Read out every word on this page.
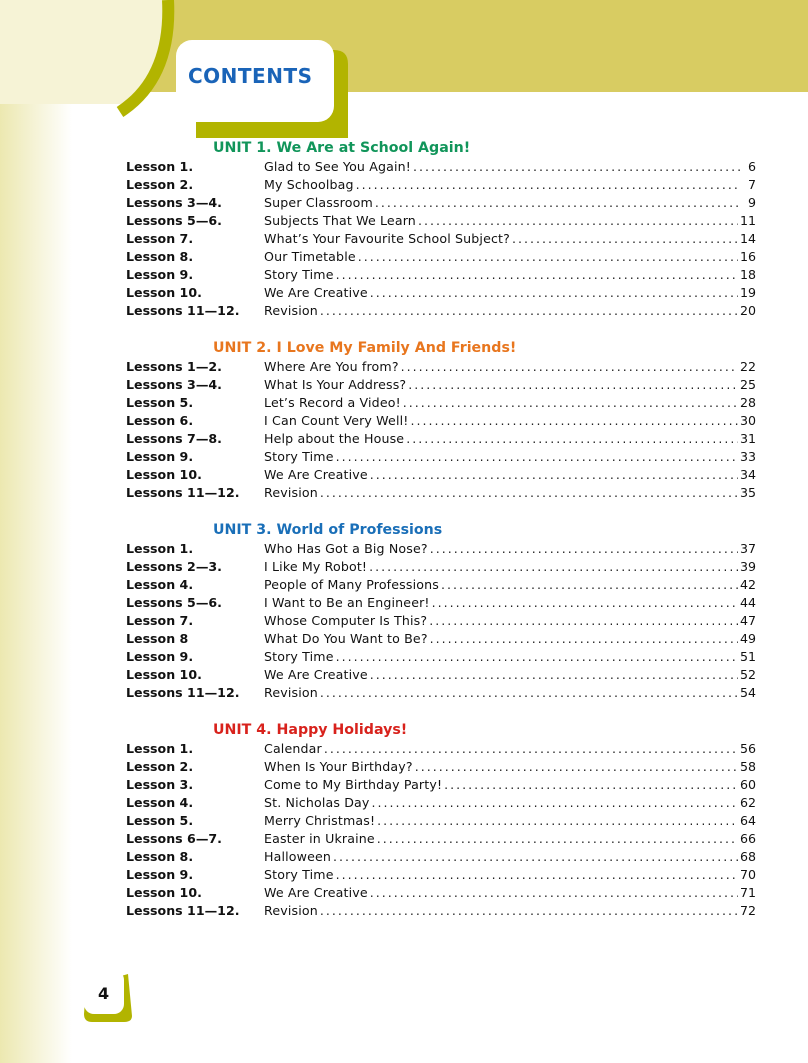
CONTENTS
UNIT 1. We Are at School Again!
Lesson 1.	Glad to See You Again! .....	6
Lesson 2.	My Schoolbag .....	7
Lessons 3—4.	Super Classroom .....	9
Lessons 5—6.	Subjects That We Learn .....	11
Lesson 7.	What’s Your Favourite School Subject? .....	14
Lesson 8.	Our Timetable .....	16
Lesson 9.	Story Time .....	18
Lesson 10.	We Are Creative .....	19
Lessons 11—12.	Revision .....	20
UNIT 2. I Love My Family And Friends!
Lessons 1—2.	Where Are You from? .....	22
Lessons 3—4.	What Is Your Address? .....	25
Lesson 5.	Let’s Record a Video! .....	28
Lesson 6.	I Can Count Very Well! .....	30
Lessons 7—8.	Help about the House .....	31
Lesson 9.	Story Time .....	33
Lesson 10.	We Are Creative .....	34
Lessons 11—12.	Revision .....	35
UNIT 3. World of Professions
Lesson 1.	Who Has Got a Big Nose? .....	37
Lessons 2—3.	I Like My Robot! .....	39
Lesson 4.	People of Many Professions .....	42
Lessons 5—6.	I Want to Be an Engineer! .....	44
Lesson 7.	Whose Computer Is This? .....	47
Lesson 8	What Do You Want to Be? .....	49
Lesson 9.	Story Time .....	51
Lesson 10.	We Are Creative .....	52
Lessons 11—12.	Revision .....	54
UNIT 4. Happy Holidays!
Lesson 1.	Calendar .....	56
Lesson 2.	When Is Your Birthday? .....	58
Lesson 3.	Come to My Birthday Party! .....	60
Lesson 4.	St. Nicholas Day .....	62
Lesson 5.	Merry Christmas! .....	64
Lessons 6—7.	Easter in Ukraine .....	66
Lesson 8.	Halloween .....	68
Lesson 9.	Story Time .....	70
Lesson 10.	We Are Creative .....	71
Lessons 11—12.	Revision .....	72
4
